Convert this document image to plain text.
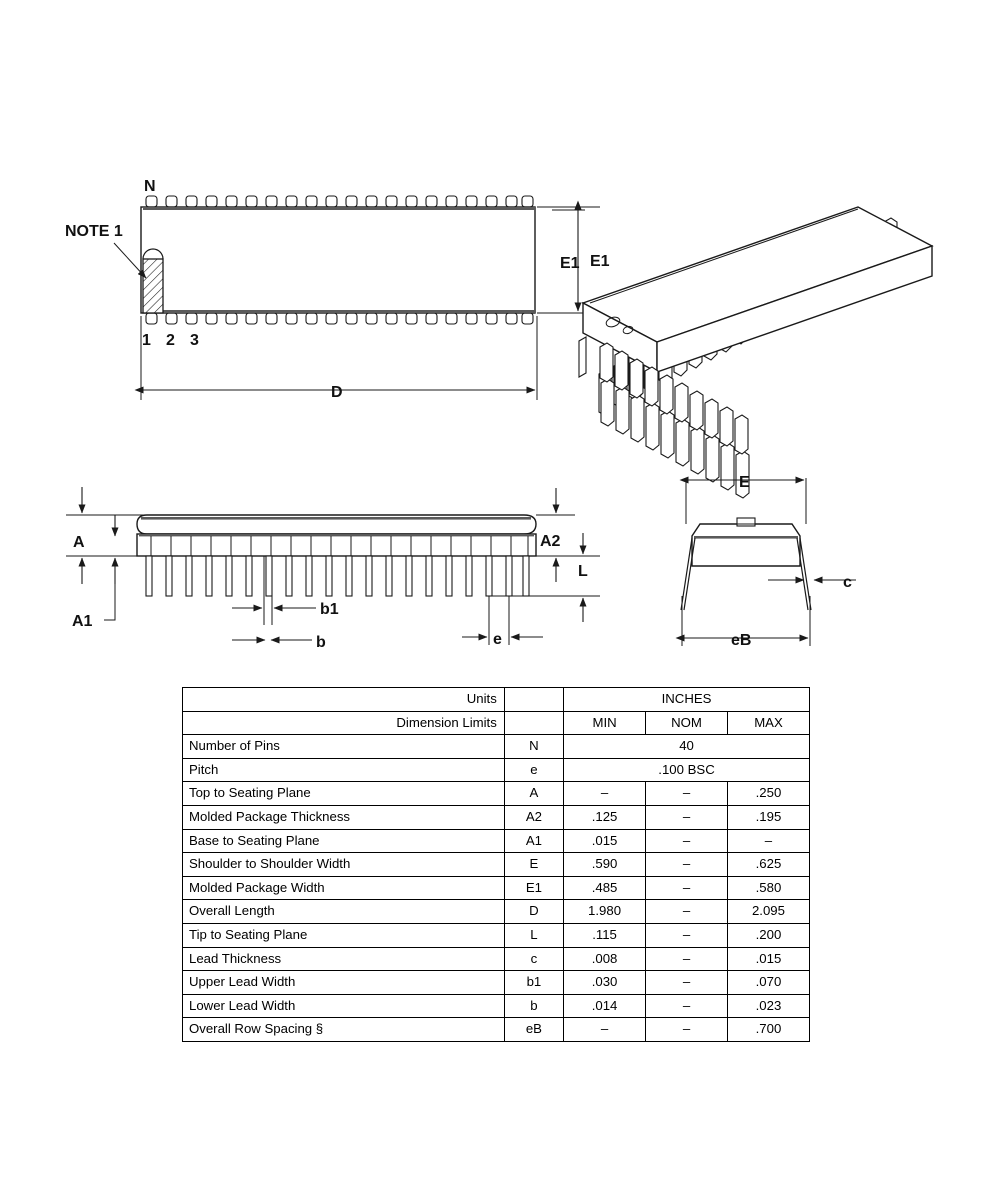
NOTE 1
N
1 2 3
E1
D
E1
A
A1
A2
L
b1
b	e
E
eB
c
Units		INCHES		
Dimension Limits		MIN	NOM	MAX
Number of Pins	N	40		
Pitch	e	.100 BSC		
Top to Seating Plane	A	–	–	.250
Molded Package Thickness	A2	.125	–	.195
Base to Seating Plane	A1	.015	–	–
Shoulder to Shoulder Width	E	.590	–	.625
Molded Package Width	E1	.485	–	.580
Overall Length	D	1.980	–	2.095
Tip to Seating Plane	L	.115	–	.200
Lead Thickness	c	.008	–	.015
Upper Lead Width	b1	.030	–	.070
Lower Lead Width	b	.014	–	.023
Overall Row Spacing §	eB	–	–	.700
